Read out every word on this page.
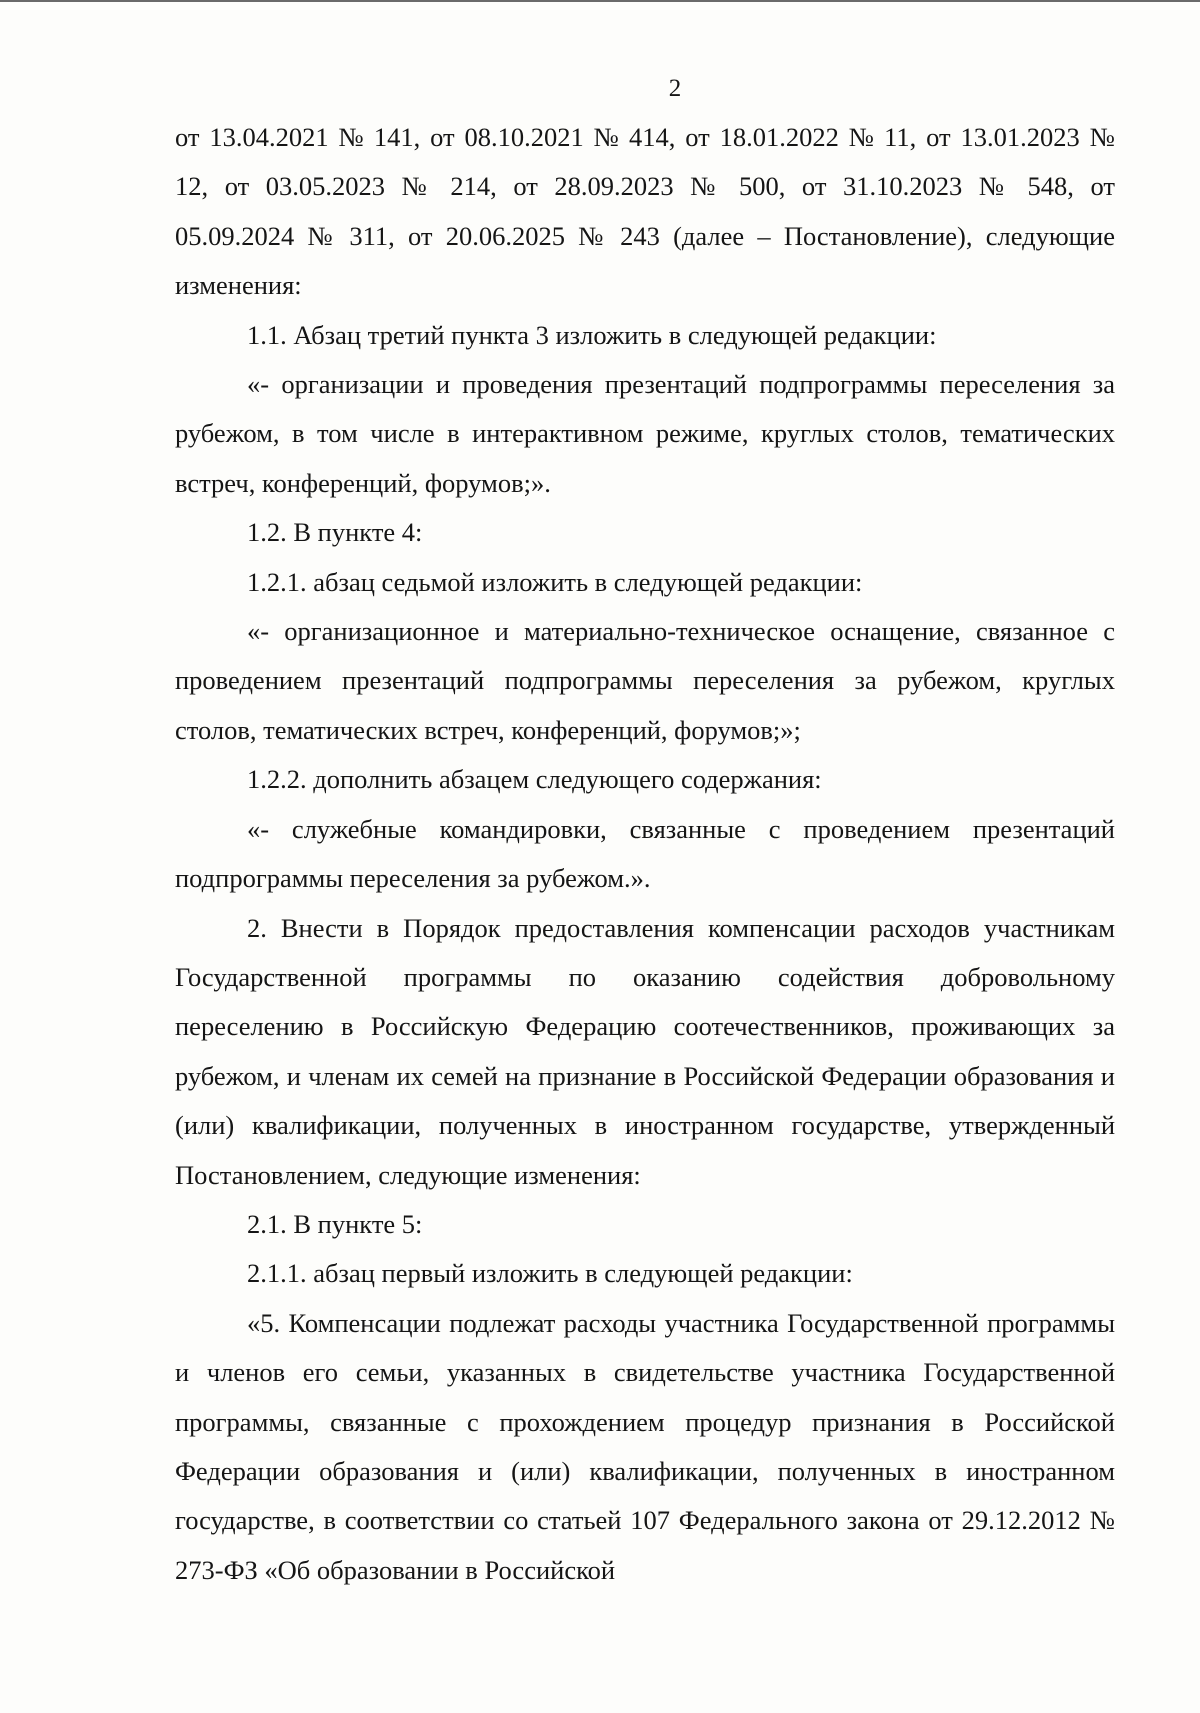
2

от 13.04.2021 № 141, от 08.10.2021 № 414, от 18.01.2022 № 11, от 13.01.2023 № 12, от 03.05.2023 № 214, от 28.09.2023 № 500, от 31.10.2023 № 548, от 05.09.2024 № 311, от 20.06.2025 № 243 (далее – Постановление), следующие изменения:

1.1. Абзац третий пункта 3 изложить в следующей редакции:

«- организации и проведения презентаций подпрограммы переселения за рубежом, в том числе в интерактивном режиме, круглых столов, тематических встреч, конференций, форумов;».

1.2. В пункте 4:

1.2.1. абзац седьмой изложить в следующей редакции:

«- организационное и материально-техническое оснащение, связанное с проведением презентаций подпрограммы переселения за рубежом, круглых столов, тематических встреч, конференций, форумов;»;

1.2.2. дополнить абзацем следующего содержания:

«- служебные командировки, связанные с проведением презентаций подпрограммы переселения за рубежом.».

2. Внести в Порядок предоставления компенсации расходов участникам Государственной программы по оказанию содействия добровольному переселению в Российскую Федерацию соотечественников, проживающих за рубежом, и членам их семей на признание в Российской Федерации образования и (или) квалификации, полученных в иностранном государстве, утвержденный Постановлением, следующие изменения:

2.1. В пункте 5:

2.1.1. абзац первый изложить в следующей редакции:

«5. Компенсации подлежат расходы участника Государственной программы и членов его семьи, указанных в свидетельстве участника Государственной программы, связанные с прохождением процедур признания в Российской Федерации образования и (или) квалификации, полученных в иностранном государстве, в соответствии со статьей 107 Федерального закона от 29.12.2012 № 273-ФЗ «Об образовании в Российской
